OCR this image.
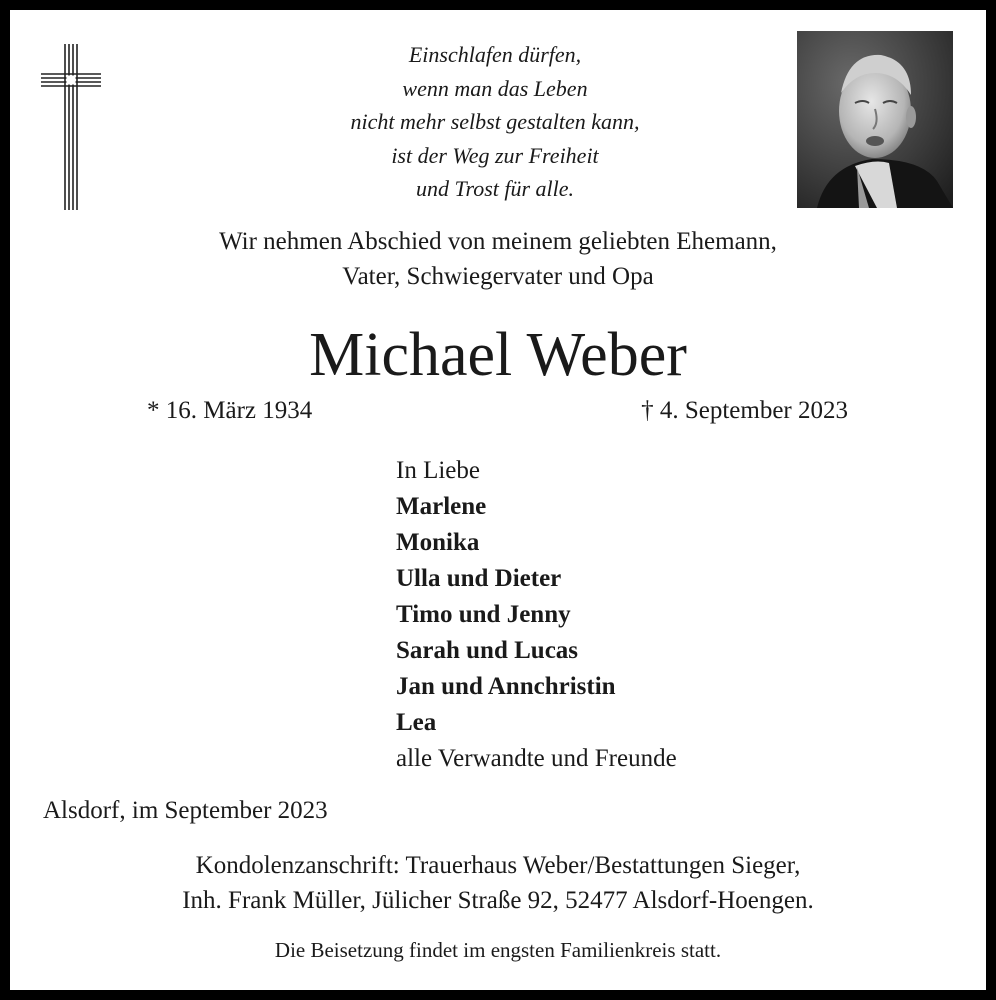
Einschlafen dürfen,
wenn man das Leben
nicht mehr selbst gestalten kann,
ist der Weg zur Freiheit
und Trost für alle.
Wir nehmen Abschied von meinem geliebten Ehemann,
Vater, Schwiegervater und Opa
Michael Weber
* 16. März 1934	† 4. September 2023
In Liebe
Marlene
Monika
Ulla und Dieter
Timo und Jenny
Sarah und Lucas
Jan und Annchristin
Lea
alle Verwandte und Freunde
Alsdorf, im September 2023
Kondolenzanschrift: Trauerhaus Weber/Bestattungen Sieger,
Inh. Frank Müller, Jülicher Straße 92, 52477 Alsdorf-Hoengen.
Die Beisetzung findet im engsten Familienkreis statt.
